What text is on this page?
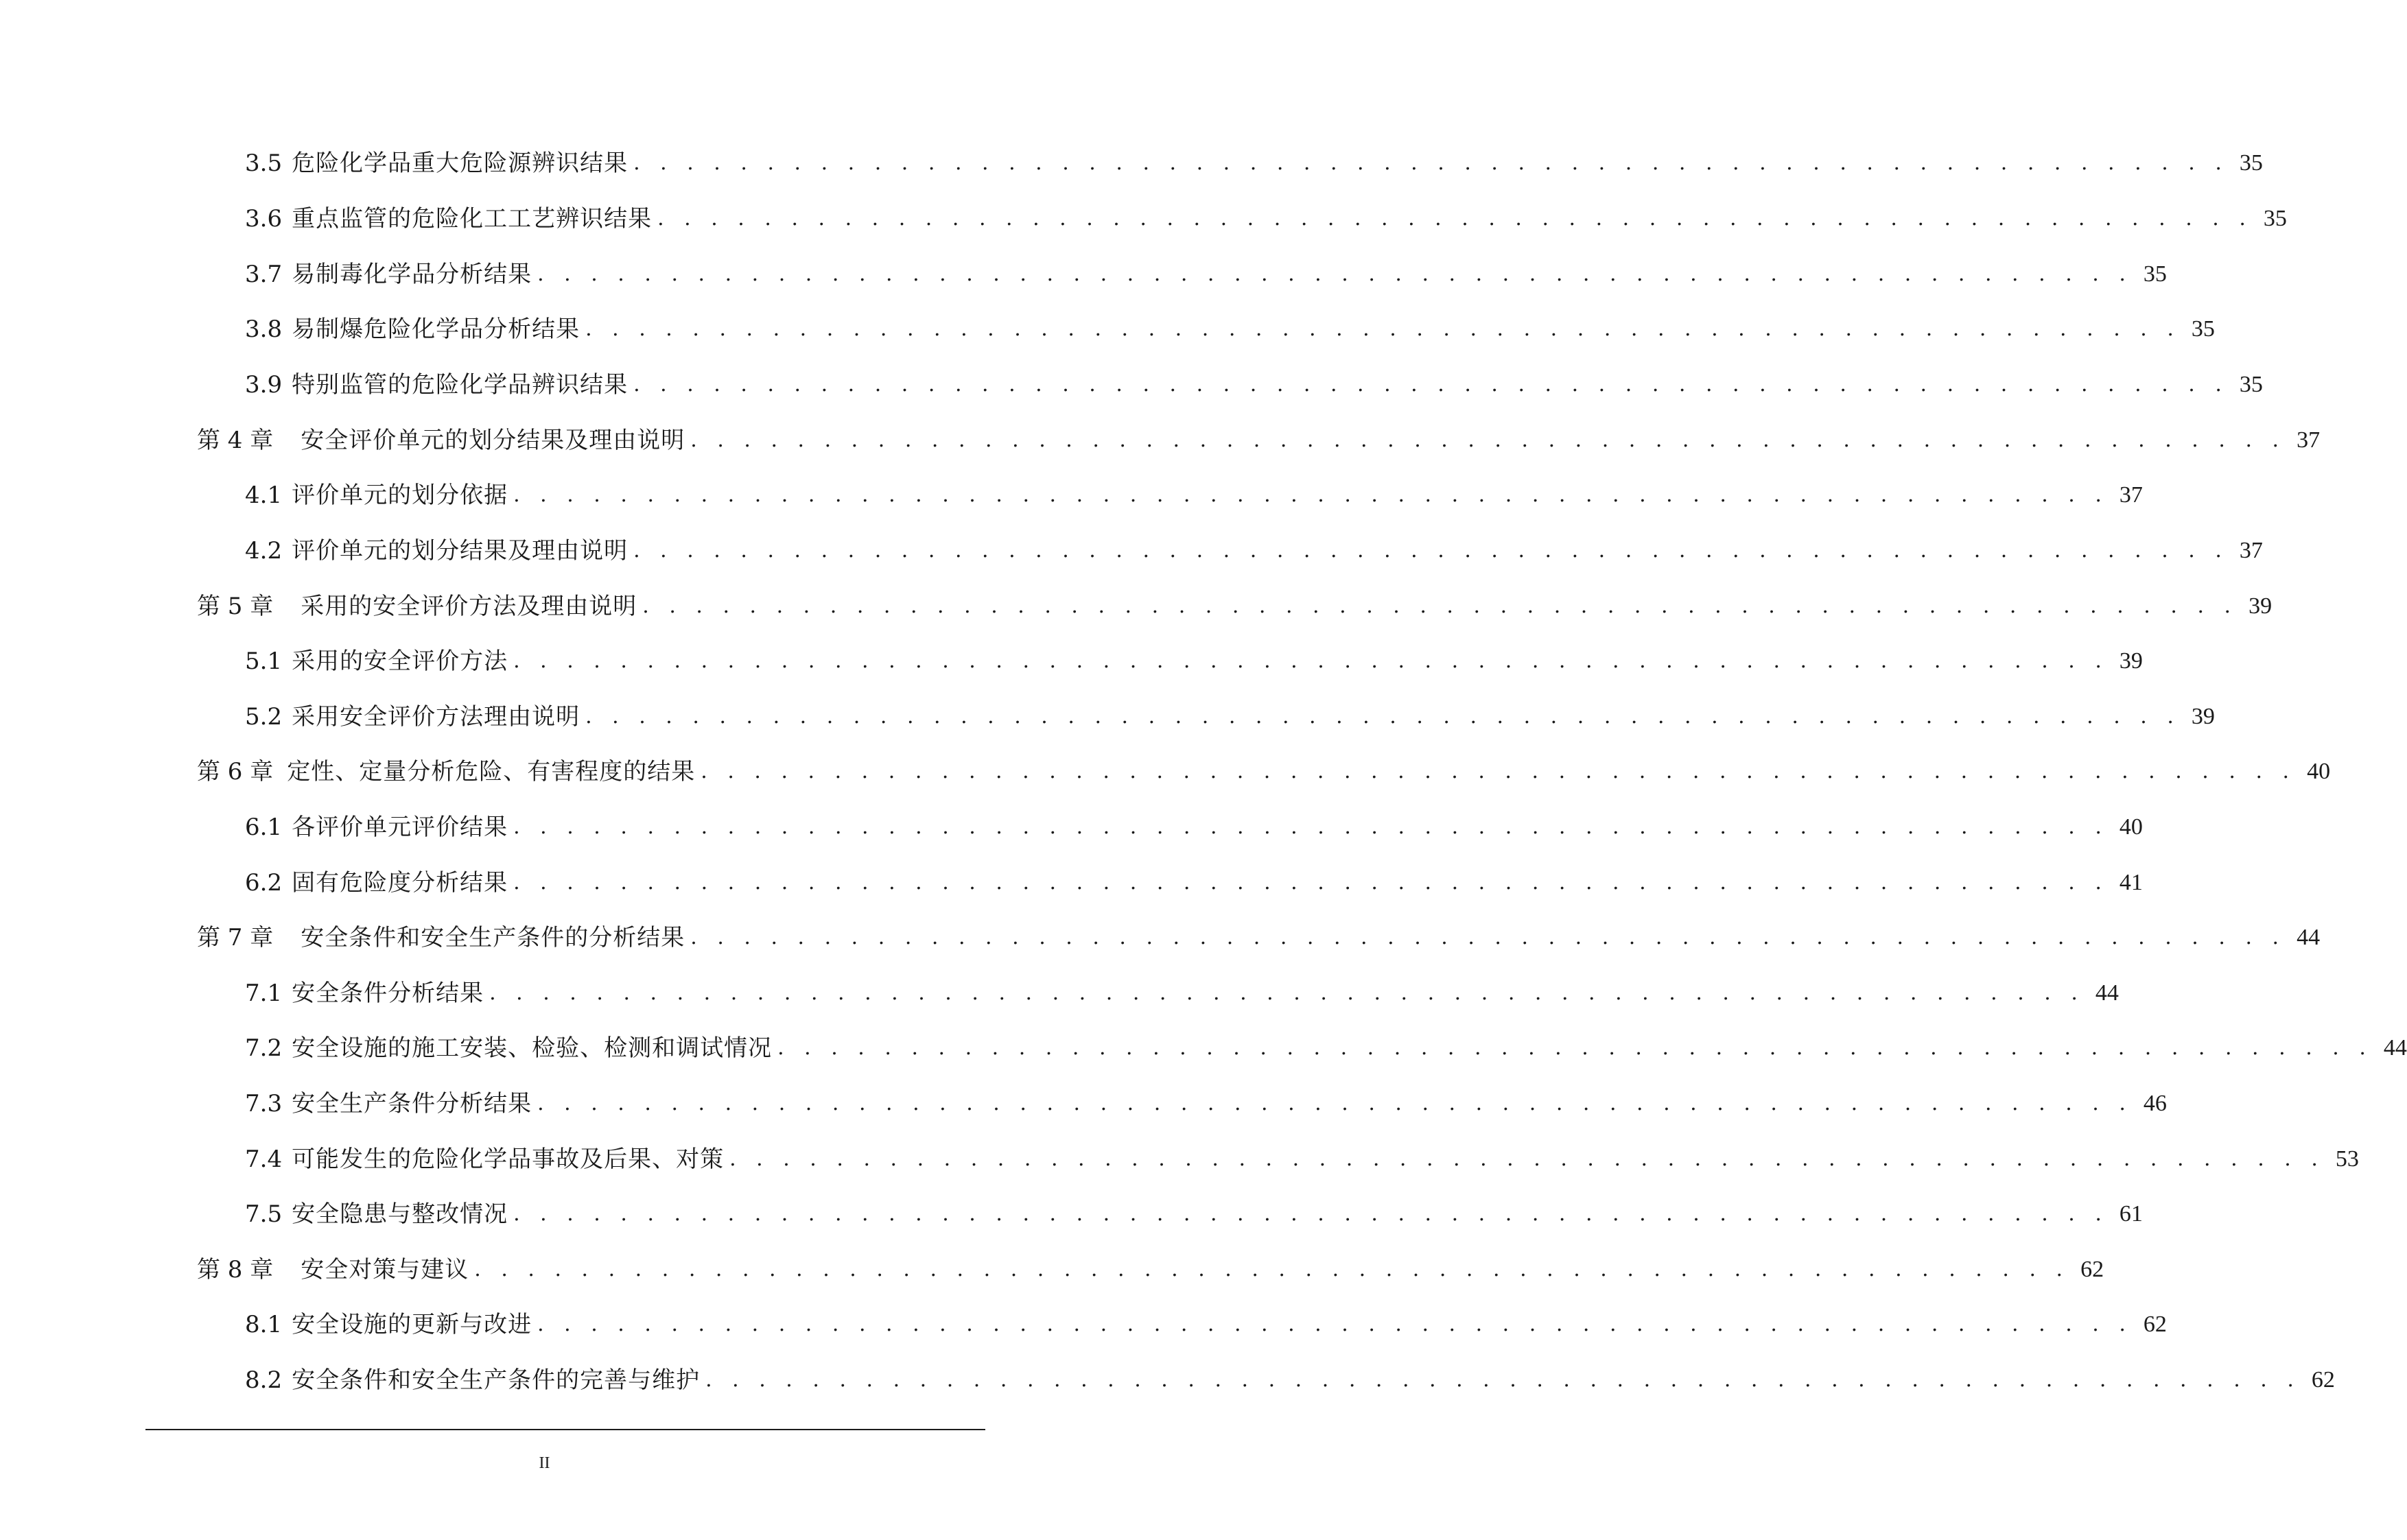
3.5 危险化学品重大危险源辨识结果 . . . . . . . . . . . . . . . . . . . . . . . . . . . . . . . . . . . . . . . . . . . . . . . . . . . . . . . . . . . . 35
3.6 重点监管的危险化工工艺辨识结果 . . . . . . . . . . . . . . . . . . . . . . . . . . . . . . . . . . . . . . . . . . . . . . . . . . . . . . . . . . . . 35
3.7 易制毒化学品分析结果 . . . . . . . . . . . . . . . . . . . . . . . . . . . . . . . . . . . . . . . . . . . . . . . . . . . . . . . . . . . . 35
3.8 易制爆危险化学品分析结果 . . . . . . . . . . . . . . . . . . . . . . . . . . . . . . . . . . . . . . . . . . . . . . . . . . . . . . . . . . . . 35
3.9 特别监管的危险化学品辨识结果 . . . . . . . . . . . . . . . . . . . . . . . . . . . . . . . . . . . . . . . . . . . . . . . . . . . . . . . . . . . . 35
第 4 章 安全评价单元的划分结果及理由说明 . . . . . . . . . . . . . . . . . . . . . . . . . . . . . . . . . . . . . . . . . . . . . . . . . . . . . . . . . . . . 37
4.1 评价单元的划分依据 . . . . . . . . . . . . . . . . . . . . . . . . . . . . . . . . . . . . . . . . . . . . . . . . . . . . . . . . . . . . 37
4.2 评价单元的划分结果及理由说明 . . . . . . . . . . . . . . . . . . . . . . . . . . . . . . . . . . . . . . . . . . . . . . . . . . . . . . . . . . . . 37
第 5 章 采用的安全评价方法及理由说明 . . . . . . . . . . . . . . . . . . . . . . . . . . . . . . . . . . . . . . . . . . . . . . . . . . . . . . . . . . . . 39
5.1 采用的安全评价方法 . . . . . . . . . . . . . . . . . . . . . . . . . . . . . . . . . . . . . . . . . . . . . . . . . . . . . . . . . . . . 39
5.2 采用安全评价方法理由说明 . . . . . . . . . . . . . . . . . . . . . . . . . . . . . . . . . . . . . . . . . . . . . . . . . . . . . . . . . . . . 39
第 6 章 定性、定量分析危险、有害程度的结果 . . . . . . . . . . . . . . . . . . . . . . . . . . . . . . . . . . . . . . . . . . . . . . . . . . . . . . . . . . . . 40
6.1 各评价单元评价结果 . . . . . . . . . . . . . . . . . . . . . . . . . . . . . . . . . . . . . . . . . . . . . . . . . . . . . . . . . . . . 40
6.2 固有危险度分析结果 . . . . . . . . . . . . . . . . . . . . . . . . . . . . . . . . . . . . . . . . . . . . . . . . . . . . . . . . . . . . 41
第 7 章 安全条件和安全生产条件的分析结果 . . . . . . . . . . . . . . . . . . . . . . . . . . . . . . . . . . . . . . . . . . . . . . . . . . . . . . . . . . . . 44
7.1 安全条件分析结果 . . . . . . . . . . . . . . . . . . . . . . . . . . . . . . . . . . . . . . . . . . . . . . . . . . . . . . . . . . . . 44
7.2 安全设施的施工安装、检验、检测和调试情况 . . . . . . . . . . . . . . . . . . . . . . . . . . . . . . . . . . . . . . . . . . . . . . . . . . . . . . . . . . . . 44
7.3 安全生产条件分析结果 . . . . . . . . . . . . . . . . . . . . . . . . . . . . . . . . . . . . . . . . . . . . . . . . . . . . . . . . . . . . 46
7.4 可能发生的危险化学品事故及后果、对策 . . . . . . . . . . . . . . . . . . . . . . . . . . . . . . . . . . . . . . . . . . . . . . . . . . . . . . . . . . . . 53
7.5 安全隐患与整改情况 . . . . . . . . . . . . . . . . . . . . . . . . . . . . . . . . . . . . . . . . . . . . . . . . . . . . . . . . . . . . 61
第 8 章 安全对策与建议 . . . . . . . . . . . . . . . . . . . . . . . . . . . . . . . . . . . . . . . . . . . . . . . . . . . . . . . . . . . . 62
8.1 安全设施的更新与改进 . . . . . . . . . . . . . . . . . . . . . . . . . . . . . . . . . . . . . . . . . . . . . . . . . . . . . . . . . . . . 62
8.2 安全条件和安全生产条件的完善与维护 . . . . . . . . . . . . . . . . . . . . . . . . . . . . . . . . . . . . . . . . . . . . . . . . . . . . . . . . . . . . 62
II
